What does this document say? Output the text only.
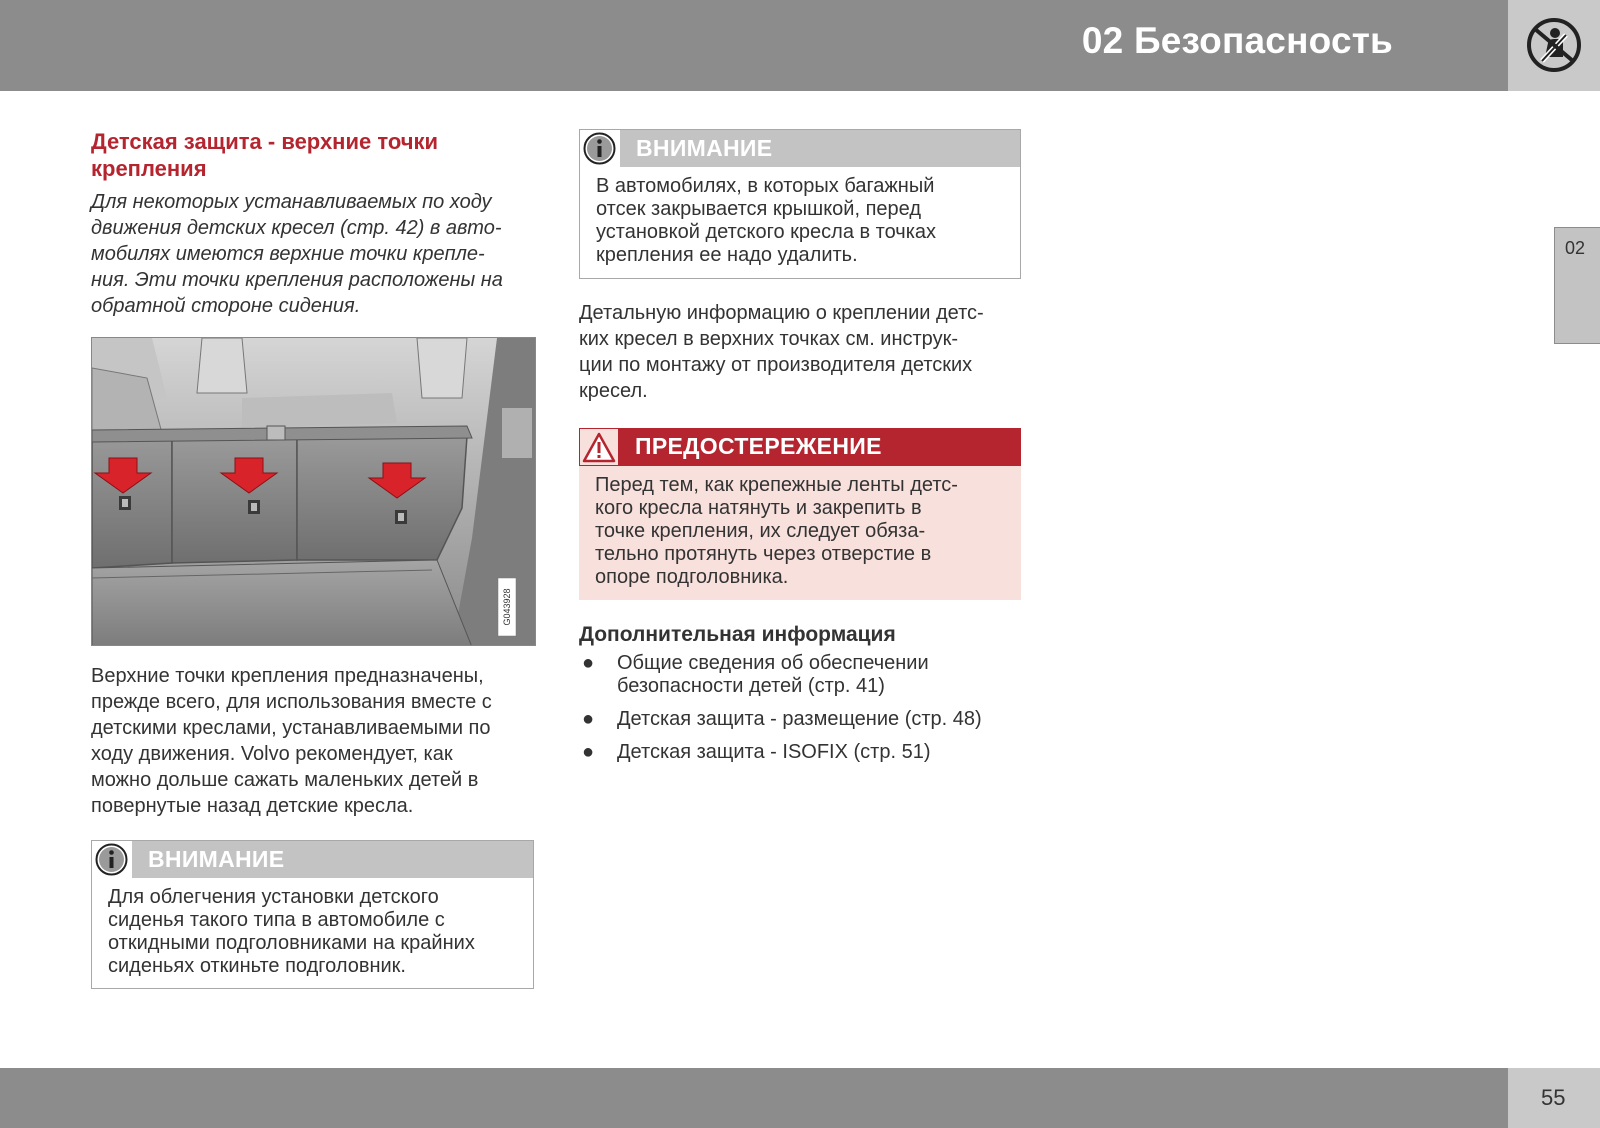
02 Безопасность
02
Детская защита - верхние точки крепления
Для некоторых устанавливаемых по ходу
движения детских кресел (стр. 42) в авто-
мобилях имеются верхние точки крепле-
ния. Эти точки крепления расположены на
обратной стороне сидения.
G043928
Верхние точки крепления предназначены,
прежде всего, для использования вместе с
детскими креслами, устанавливаемыми по
ходу движения. Volvo рекомендует, как
можно дольше сажать маленьких детей в
повернутые назад детские кресла.
ВНИМАНИЕ
Для облегчения установки детского
сиденья такого типа в автомобиле с
откидными подголовниками на крайних
сиденьях откиньте подголовник.
ВНИМАНИЕ
В автомобилях, в которых багажный
отсек закрывается крышкой, перед
установкой детского кресла в точках
крепления ее надо удалить.
Детальную информацию о креплении детс-
ких кресел в верхних точках см. инструк-
ции по монтажу от производителя детских
кресел.
ПРЕДОСТЕРЕЖЕНИЕ
Перед тем, как крепежные ленты детс-
кого кресла натянуть и закрепить в
точке крепления, их следует обяза-
тельно протянуть через отверстие в
опоре подголовника.
Дополнительная информация
● Общие сведения об обеспечении
безопасности детей (стр. 41)
● Детская защита - размещение (стр. 48)
● Детская защита - ISOFIX (стр. 51)
55
